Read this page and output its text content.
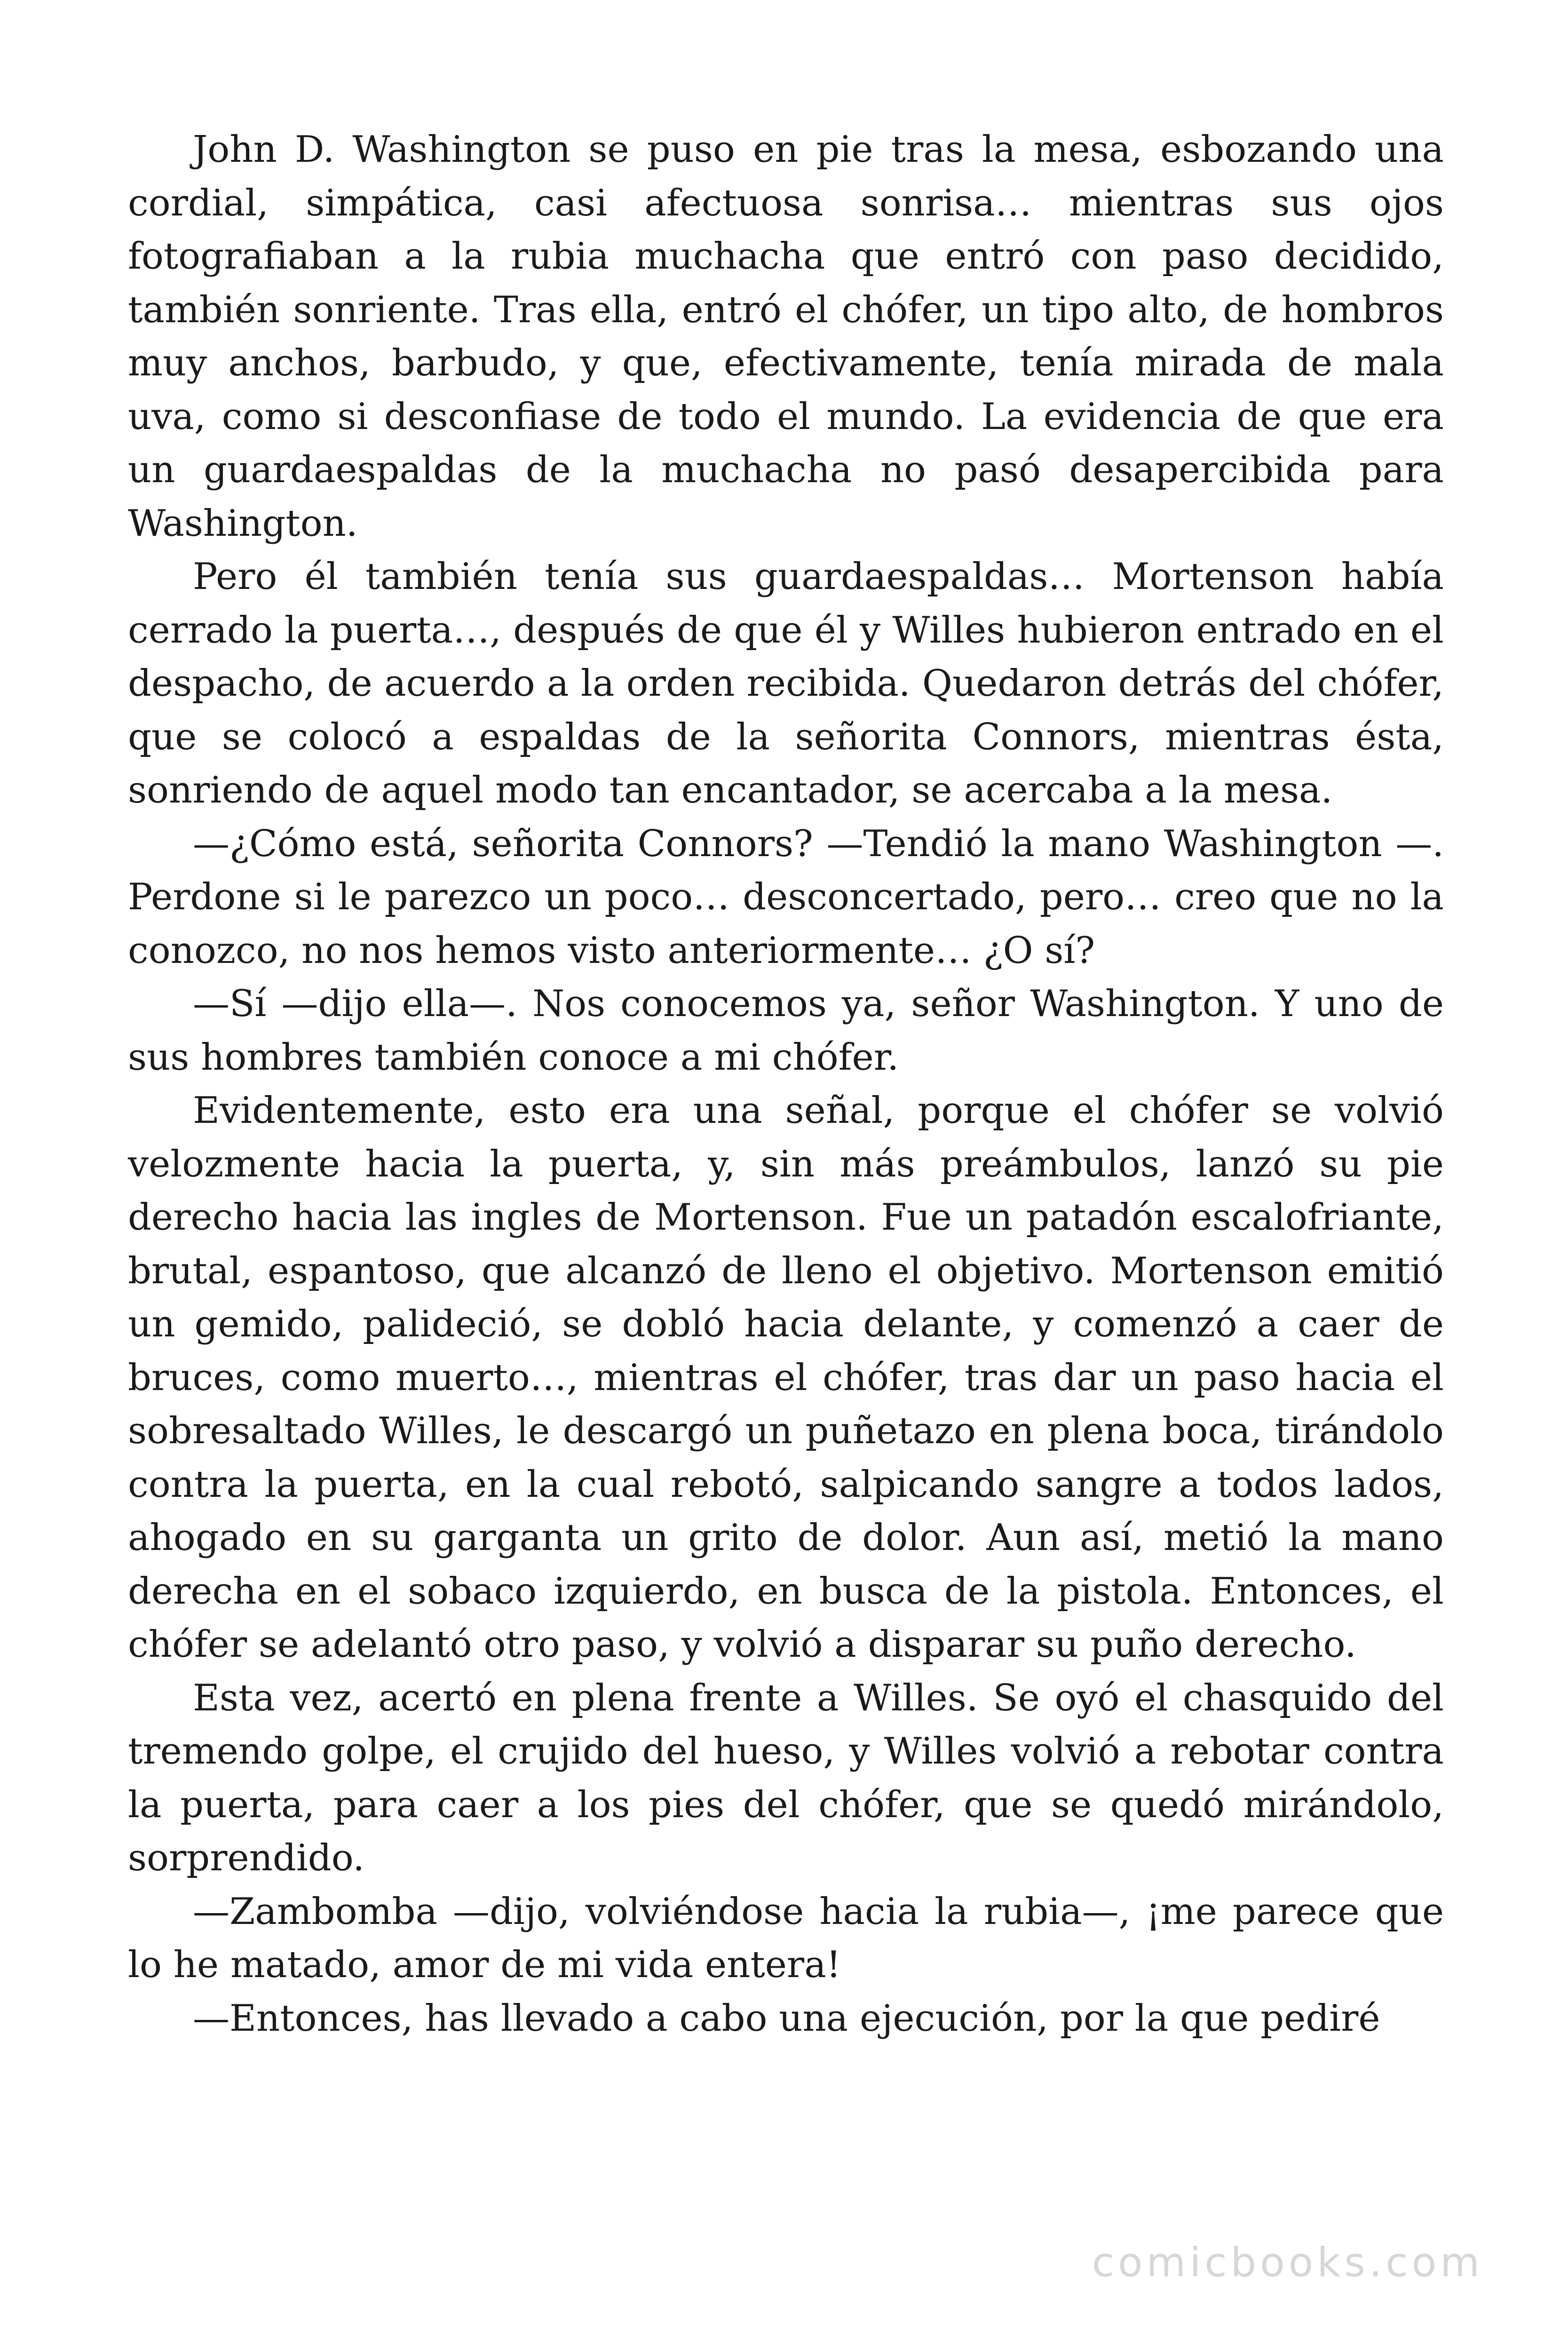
John D. Washington se puso en pie tras la mesa, esbozando una cordial, simpática, casi afectuosa sonrisa… mientras sus ojos fotografiaban a la rubia muchacha que entró con paso decidido, también sonriente. Tras ella, entró el chófer, un tipo alto, de hombros muy anchos, barbudo, y que, efectivamente, tenía mirada de mala uva, como si desconfiase de todo el mundo. La evidencia de que era un guardaespaldas de la muchacha no pasó desapercibida para Washington.

Pero él también tenía sus guardaespaldas… Mortenson había cerrado la puerta…, después de que él y Willes hubieron entrado en el despacho, de acuerdo a la orden recibida. Quedaron detrás del chófer, que se colocó a espaldas de la señorita Connors, mientras ésta, sonriendo de aquel modo tan encantador, se acercaba a la mesa.

—¿Cómo está, señorita Connors? —Tendió la mano Washington —. Perdone si le parezco un poco… desconcertado, pero… creo que no la conozco, no nos hemos visto anteriormente… ¿O sí?

—Sí —dijo ella—. Nos conocemos ya, señor Washington. Y uno de sus hombres también conoce a mi chófer.

Evidentemente, esto era una señal, porque el chófer se volvió velozmente hacia la puerta, y, sin más preámbulos, lanzó su pie derecho hacia las ingles de Mortenson. Fue un patadón escalofriante, brutal, espantoso, que alcanzó de lleno el objetivo. Mortenson emitió un gemido, palideció, se dobló hacia delante, y comenzó a caer de bruces, como muerto…, mientras el chófer, tras dar un paso hacia el sobresaltado Willes, le descargó un puñetazo en plena boca, tirándolo contra la puerta, en la cual rebotó, salpicando sangre a todos lados, ahogado en su garganta un grito de dolor. Aun así, metió la mano derecha en el sobaco izquierdo, en busca de la pistola. Entonces, el chófer se adelantó otro paso, y volvió a disparar su puño derecho.

Esta vez, acertó en plena frente a Willes. Se oyó el chasquido del tremendo golpe, el crujido del hueso, y Willes volvió a rebotar contra la puerta, para caer a los pies del chófer, que se quedó mirándolo, sorprendido.

—Zambomba —dijo, volviéndose hacia la rubia—, ¡me parece que lo he matado, amor de mi vida entera!

—Entonces, has llevado a cabo una ejecución, por la que pediré

comicbooks.com
